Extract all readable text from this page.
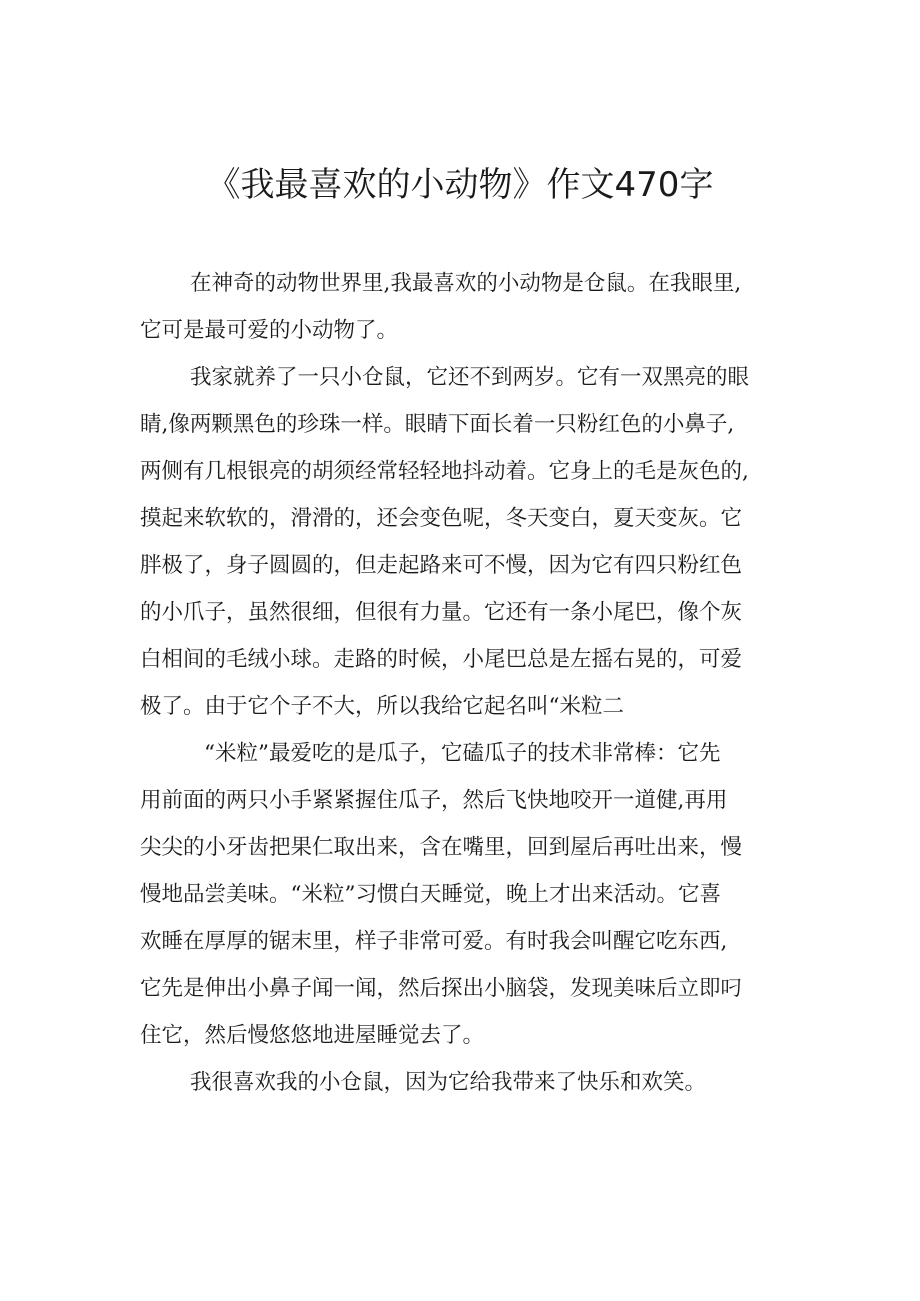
《我最喜欢的小动物》作文470字
在神奇的动物世界里,我最喜欢的小动物是仓鼠。在我眼里,
它可是最可爱的小动物了。
我家就养了一只小仓鼠，它还不到两岁。它有一双黑亮的眼
睛,像两颗黑色的珍珠一样。眼睛下面长着一只粉红色的小鼻子,
两侧有几根银亮的胡须经常轻轻地抖动着。它身上的毛是灰色的,
摸起来软软的，滑滑的，还会变色呢，冬天变白，夏天变灰。它
胖极了，身子圆圆的，但走起路来可不慢，因为它有四只粉红色
的小爪子，虽然很细，但很有力量。它还有一条小尾巴，像个灰
白相间的毛绒小球。走路的时候，小尾巴总是左摇右晃的，可爱
极了。由于它个子不大，所以我给它起名叫“米粒二
“米粒”最爱吃的是瓜子，它磕瓜子的技术非常棒：它先
用前面的两只小手紧紧握住瓜子，然后飞快地咬开一道健,再用
尖尖的小牙齿把果仁取出来，含在嘴里，回到屋后再吐出来，慢
慢地品尝美味。“米粒”习惯白天睡觉，晚上才出来活动。它喜
欢睡在厚厚的锯末里，样子非常可爱。有时我会叫醒它吃东西,
它先是伸出小鼻子闻一闻，然后探出小脑袋，发现美味后立即叼
住它，然后慢悠悠地进屋睡觉去了。
我很喜欢我的小仓鼠，因为它给我带来了快乐和欢笑。
